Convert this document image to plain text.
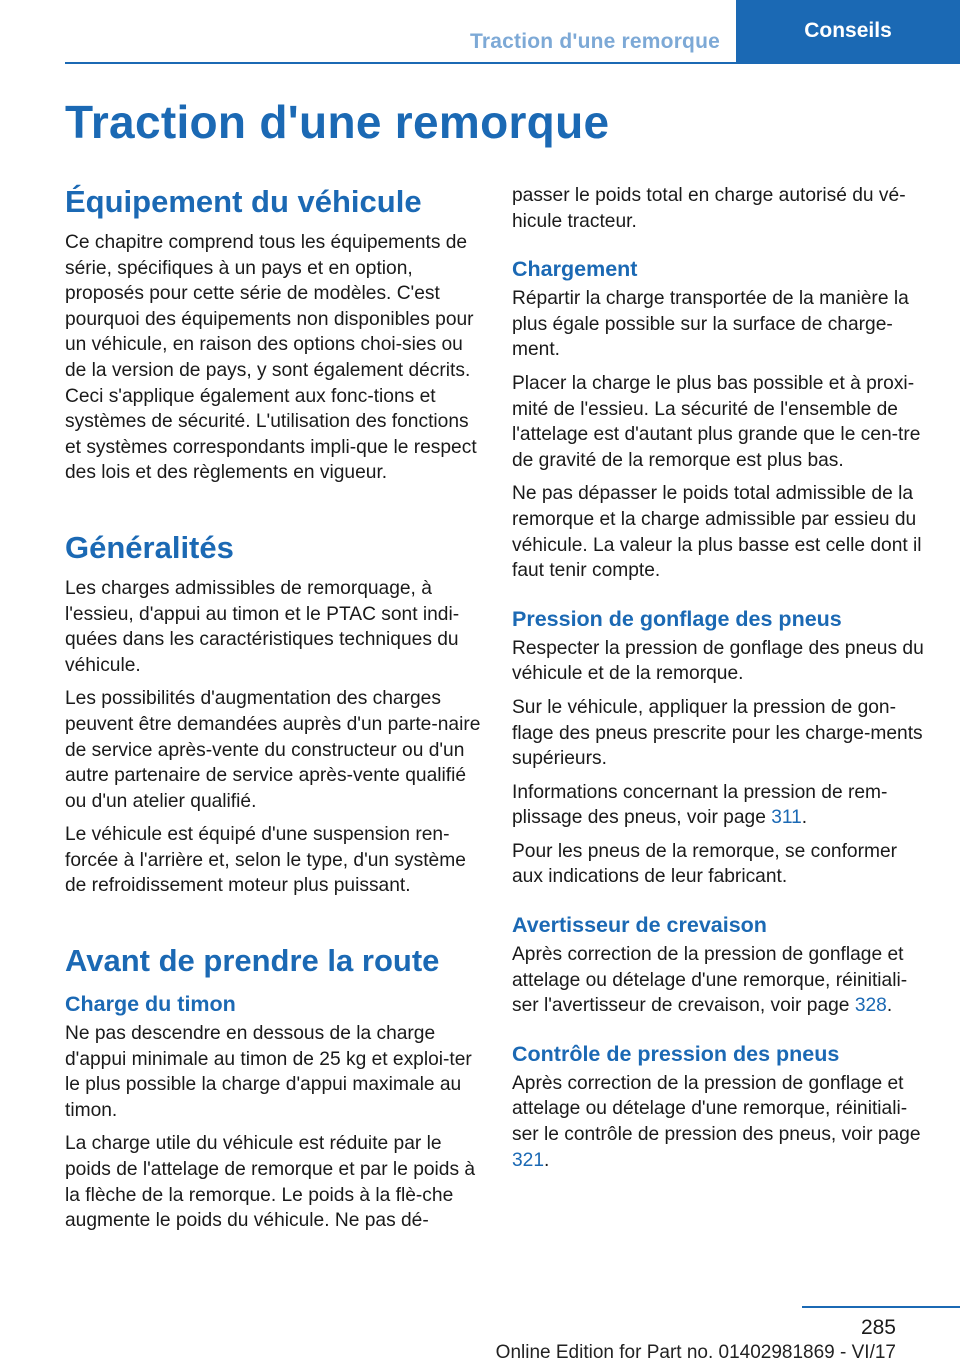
Traction d'une remorque	Conseils
Traction d'une remorque
Équipement du véhicule

Ce chapitre comprend tous les équipements de série, spécifiques à un pays et en option, proposés pour cette série de modèles. C'est pourquoi des équipements non disponibles pour un véhicule, en raison des options choi‐sies ou de la version de pays, y sont également décrits. Ceci s'applique également aux fonc‐tions et systèmes de sécurité. L'utilisation des fonctions et systèmes correspondants impli‐que le respect des lois et des règlements en vigueur.

Généralités

Les charges admissibles de remorquage, à l'essieu, d'appui au timon et le PTAC sont indi‐quées dans les caractéristiques techniques du véhicule.

Les possibilités d'augmentation des charges peuvent être demandées auprès d'un parte‐naire de service après-vente du constructeur ou d'un autre partenaire de service après-vente qualifié ou d'un atelier qualifié.

Le véhicule est équipé d'une suspension ren‐forcée à l'arrière et, selon le type, d'un système de refroidissement moteur plus puissant.

Avant de prendre la route
Charge du timon

Ne pas descendre en dessous de la charge d'appui minimale au timon de 25 kg et exploi‐ter le plus possible la charge d'appui maximale au timon.

La charge utile du véhicule est réduite par le poids de l'attelage de remorque et par le poids à la flèche de la remorque. Le poids à la flè‐che augmente le poids du véhicule. Ne pas dé‐

passer le poids total en charge autorisé du vé‐hicule tracteur.

Chargement

Répartir la charge transportée de la manière la plus égale possible sur la surface de charge‐ment.

Placer la charge le plus bas possible et à proxi‐mité de l'essieu. La sécurité de l'ensemble de l'attelage est d'autant plus grande que le cen‐tre de gravité de la remorque est plus bas.

Ne pas dépasser le poids total admissible de la remorque et la charge admissible par essieu du véhicule. La valeur la plus basse est celle dont il faut tenir compte.

Pression de gonflage des pneus

Respecter la pression de gonflage des pneus du véhicule et de la remorque.

Sur le véhicule, appliquer la pression de gon‐flage des pneus prescrite pour les charge‐ments supérieurs.

Informations concernant la pression de rem‐plissage des pneus, voir page 311.

Pour les pneus de la remorque, se conformer aux indications de leur fabricant.

Avertisseur de crevaison

Après correction de la pression de gonflage et attelage ou dételage d'une remorque, réinitiali‐ser l'avertisseur de crevaison, voir page 328.

Contrôle de pression des pneus

Après correction de la pression de gonflage et attelage ou dételage d'une remorque, réinitiali‐ser le contrôle de pression des pneus, voir page 321.

285
Online Edition for Part no. 01402981869 - VI/17
